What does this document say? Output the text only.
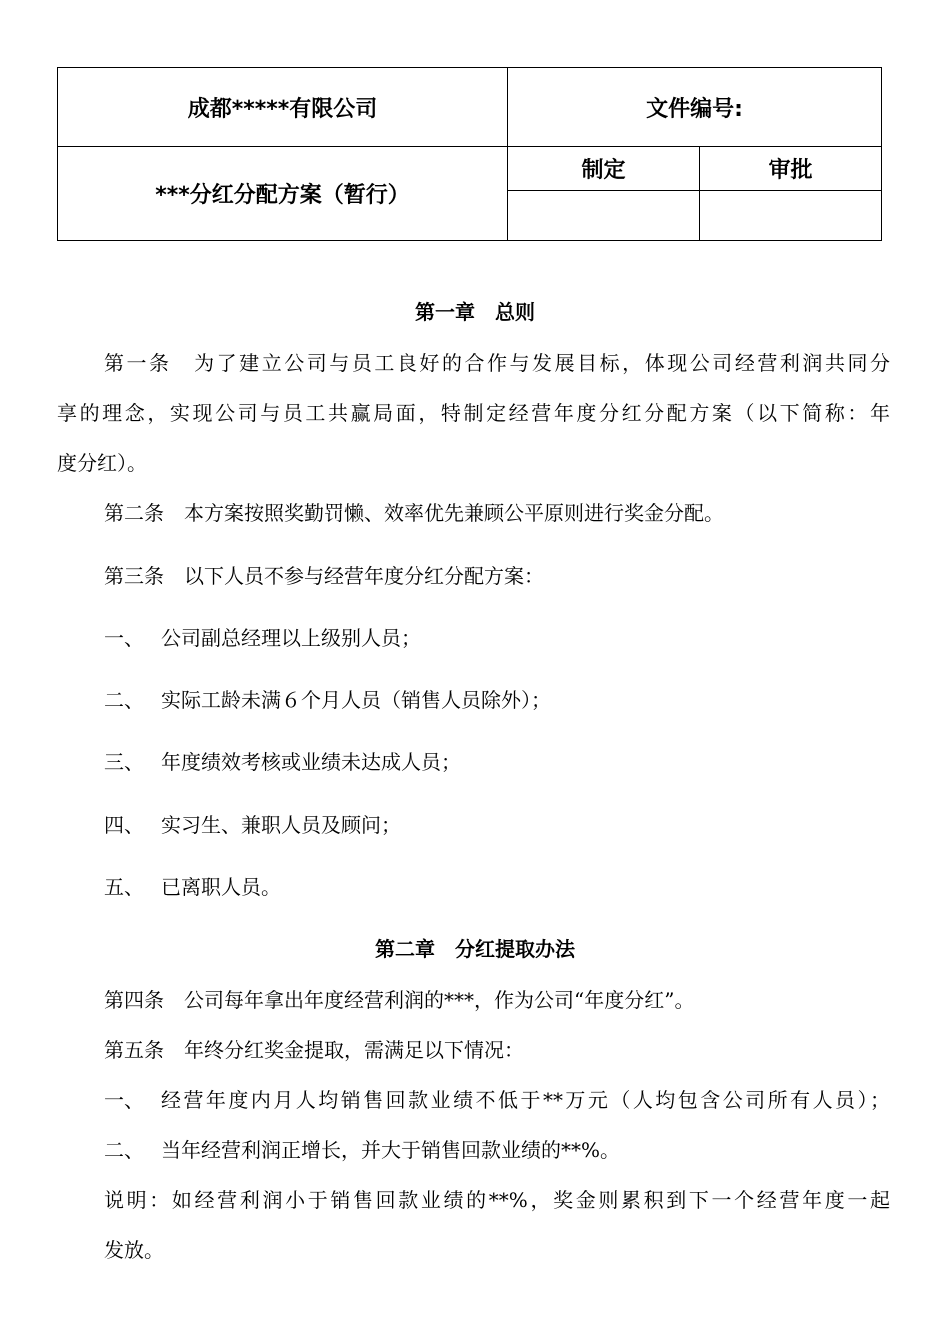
成都*****有限公司	文件编号:	
***分红分配方案（暂行）	制定	审批

第一章　总则
第一条　为了建立公司与员工良好的合作与发展目标，体现公司经营利润共同分
享的理念，实现公司与员工共赢局面，特制定经营年度分红分配方案（以下简称：年
度分红）。
第二条　本方案按照奖勤罚懒、效率优先兼顾公平原则进行奖金分配。
第三条　以下人员不参与经营年度分红分配方案：
一、 公司副总经理以上级别人员；
二、 实际工龄未满６个月人员（销售人员除外）；
三、 年度绩效考核或业绩未达成人员；
四、 实习生、兼职人员及顾问；
五、 已离职人员。
第二章　分红提取办法
第四条　公司每年拿出年度经营利润的***，作为公司“年度分红”。
第五条　年终分红奖金提取，需满足以下情况：
一、 经营年度内月人均销售回款业绩不低于**万元（人均包含公司所有人员）；
二、 当年经营利润正增长，并大于销售回款业绩的**%。
说明：如经营利润小于销售回款业绩的**%，奖金则累积到下一个经营年度一起
发放。
